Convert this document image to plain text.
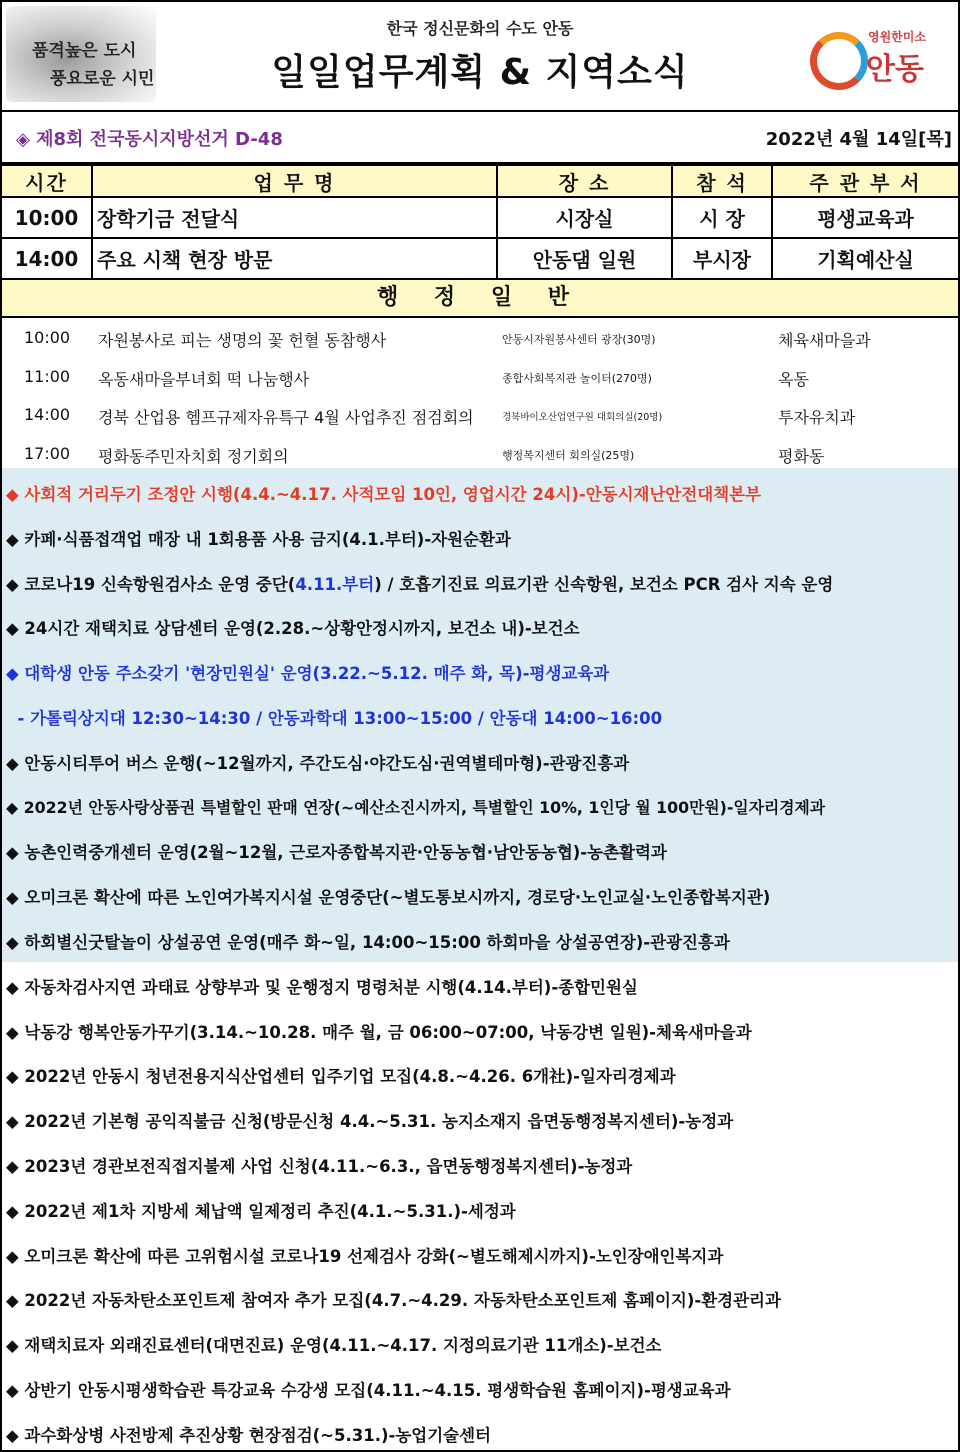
품격높은 도시
풍요로운 시민
한국 정신문화의 수도 안동
일일업무계획 & 지역소식
영원한미소
안동
◈ 제8회 전국동시지방선거 D-48	2022년 4월 14일[목]
시간	업 무 명	장 소	참 석	주 관 부 서
10:00	장학기금 전달식	시장실	시 장	평생교육과
14:00	주요 시책 현장 방문	안동댐 일원	부시장	기획예산실
행 정 일 반
10:00 자원봉사로 피는 생명의 꽃 헌혈 동참행사	안동시자원봉사센터 광장(30명)	체육새마을과
11:00 옥동새마을부녀회 떡 나눔행사	종합사회복지관 놀이터(270명)	옥동
14:00 경북 산업용 헴프규제자유특구 4월 사업추진 점검회의	경북바이오산업연구원 대회의실(20명)	투자유치과
17:00 평화동주민자치회 정기회의	행정복지센터 회의실(25명)	평화동
◆ 사회적 거리두기 조정안 시행(4.4.~4.17. 사적모임 10인, 영업시간 24시)-안동시재난안전대책본부
◆ 카페·식품접객업 매장 내 1회용품 사용 금지(4.1.부터)-자원순환과
◆ 코로나19 신속항원검사소 운영 중단(4.11.부터) / 호흡기진료 의료기관 신속항원, 보건소 PCR 검사 지속 운영
◆ 24시간 재택치료 상담센터 운영(2.28.~상황안정시까지, 보건소 내)-보건소
◆ 대학생 안동 주소갖기 '현장민원실' 운영(3.22.~5.12. 매주 화, 목)-평생교육과
- 가톨릭상지대 12:30~14:30 / 안동과학대 13:00~15:00 / 안동대 14:00~16:00
◆ 안동시티투어 버스 운행(~12월까지, 주간도심·야간도심·권역별테마형)-관광진흥과
◆ 2022년 안동사랑상품권 특별할인 판매 연장(~예산소진시까지, 특별할인 10%, 1인당 월 100만원)-일자리경제과
◆ 농촌인력중개센터 운영(2월~12월, 근로자종합복지관·안동농협·남안동농협)-농촌활력과
◆ 오미크론 확산에 따른 노인여가복지시설 운영중단(~별도통보시까지, 경로당·노인교실·노인종합복지관)
◆ 하회별신굿탈놀이 상설공연 운영(매주 화~일, 14:00~15:00 하회마을 상설공연장)-관광진흥과
◆ 자동차검사지연 과태료 상향부과 및 운행정지 명령처분 시행(4.14.부터)-종합민원실
◆ 낙동강 행복안동가꾸기(3.14.~10.28. 매주 월, 금 06:00~07:00, 낙동강변 일원)-체육새마을과
◆ 2022년 안동시 청년전용지식산업센터 입주기업 모집(4.8.~4.26. 6개社)-일자리경제과
◆ 2022년 기본형 공익직불금 신청(방문신청 4.4.~5.31. 농지소재지 읍면동행정복지센터)-농정과
◆ 2023년 경관보전직접지불제 사업 신청(4.11.~6.3., 읍면동행정복지센터)-농정과
◆ 2022년 제1차 지방세 체납액 일제정리 추진(4.1.~5.31.)-세정과
◆ 오미크론 확산에 따른 고위험시설 코로나19 선제검사 강화(~별도해제시까지)-노인장애인복지과
◆ 2022년 자동차탄소포인트제 참여자 추가 모집(4.7.~4.29. 자동차탄소포인트제 홈페이지)-환경관리과
◆ 재택치료자 외래진료센터(대면진료) 운영(4.11.~4.17. 지정의료기관 11개소)-보건소
◆ 상반기 안동시평생학습관 특강교육 수강생 모집(4.11.~4.15. 평생학습원 홈페이지)-평생교육과
◆ 과수화상병 사전방제 추진상황 현장점검(~5.31.)-농업기술센터
